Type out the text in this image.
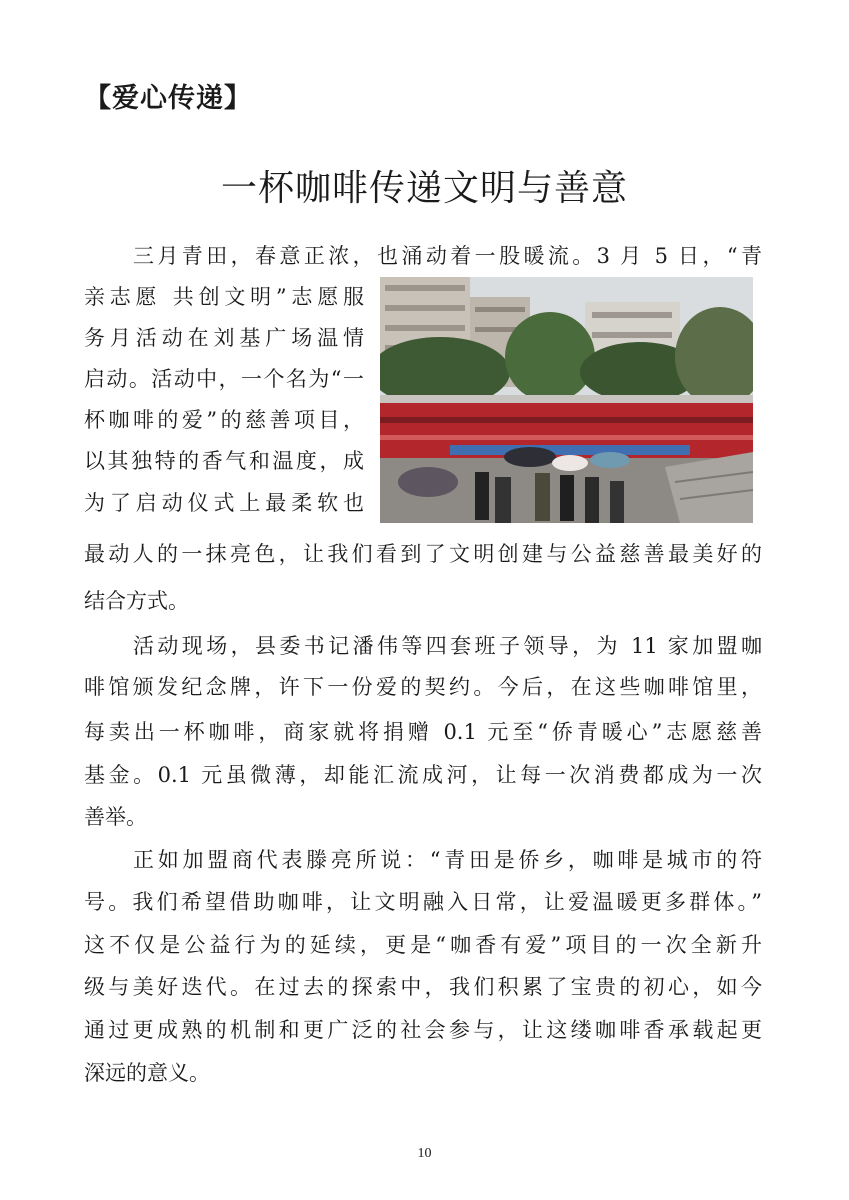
【爱心传递】
一杯咖啡传递文明与善意
三月青田，春意正浓，也涌动着一股暖流。3 月 5 日，“青
亲志愿 共创文明”志愿服
务月活动在刘基广场温情
启动。活动中，一个名为“一
杯咖啡的爱”的慈善项目，
以其独特的香气和温度，成
为了启动仪式上最柔软也
最动人的一抹亮色，让我们看到了文明创建与公益慈善最美好的
结合方式。
活动现场，县委书记潘伟等四套班子领导，为 11 家加盟咖
啡馆颁发纪念牌，许下一份爱的契约。今后，在这些咖啡馆里，
每卖出一杯咖啡，商家就将捐赠 0.1 元至“侨青暖心”志愿慈善
基金。0.1 元虽微薄，却能汇流成河，让每一次消费都成为一次
善举。
正如加盟商代表滕亮所说：“青田是侨乡，咖啡是城市的符
号。我们希望借助咖啡，让文明融入日常，让爱温暖更多群体。”
这不仅是公益行为的延续，更是“咖香有爱”项目的一次全新升
级与美好迭代。在过去的探索中，我们积累了宝贵的初心，如今
通过更成熟的机制和更广泛的社会参与，让这缕咖啡香承载起更
深远的意义。
10
